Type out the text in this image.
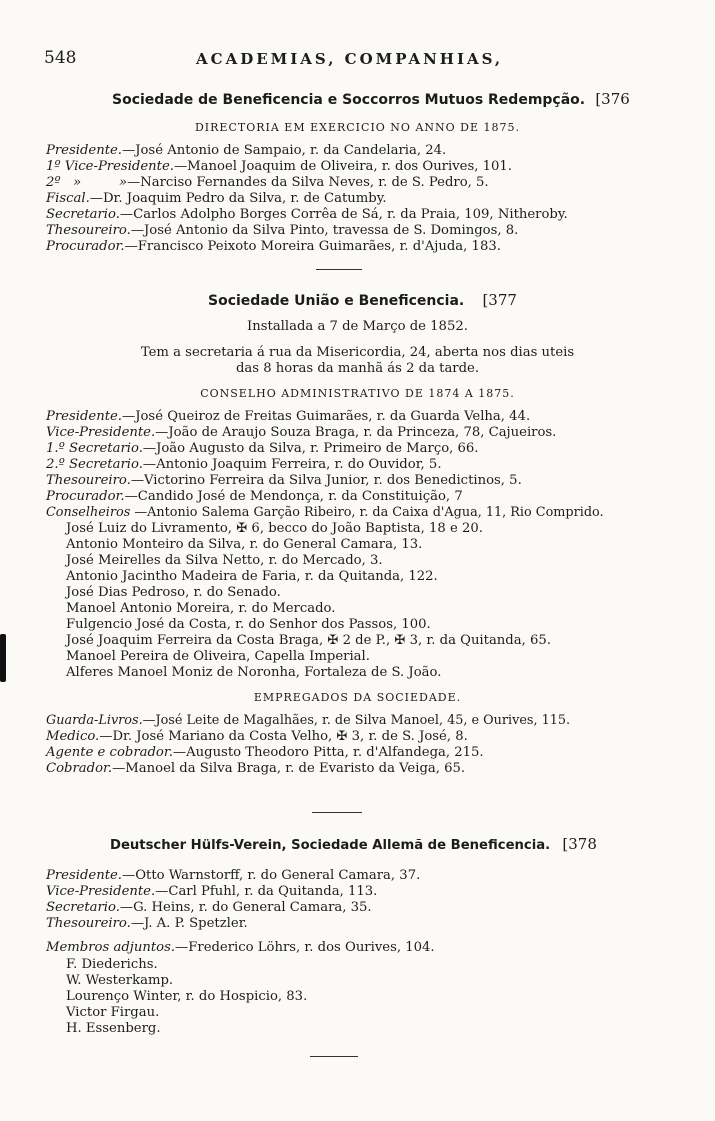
548	ACADEMIAS, COMPANHIAS,
Sociedade de Beneficencia e Soccorros Mutuos Redempção. [376
DIRECTORIA EM EXERCICIO NO ANNO DE 1875.
Presidente.—José Antonio de Sampaio, r. da Candelaria, 24.
1º Vice-Presidente.—Manoel Joaquim de Oliveira, r. dos Ourives, 101.
2º   »         »—Narciso Fernandes da Silva Neves, r. de S. Pedro, 5.
Fiscal.—Dr. Joaquim Pedro da Silva, r. de Catumby.
Secretario.—Carlos Adolpho Borges Corrêa de Sá, r. da Praia, 109, Nitheroby.
Thesoureiro.—José Antonio da Silva Pinto, travessa de S. Domingos, 8.
Procurador.—Francisco Peixoto Moreira Guimarães, r. d'Ajuda, 183.
Sociedade União e Beneficencia. [377
Installada a 7 de Março de 1852.
Tem a secretaria á rua da Misericordia, 24, aberta nos dias uteis
das 8 horas da manhã ás 2 da tarde.
CONSELHO ADMINISTRATIVO DE 1874 A 1875.
Presidente.—José Queiroz de Freitas Guimarães, r. da Guarda Velha, 44.
Vice-Presidente.—João de Araujo Souza Braga, r. da Princeza, 78, Cajueiros.
1.º Secretario.—João Augusto da Silva, r. Primeiro de Março, 66.
2.º Secretario.—Antonio Joaquim Ferreira, r. do Ouvidor, 5.
Thesoureiro.—Victorino Ferreira da Silva Junior, r. dos Benedictinos, 5.
Procurador.—Candido José de Mendonça, r. da Constituição, 7
Conselheiros —Antonio Salema Garção Ribeiro, r. da Caixa d'Agua, 11, Rio Comprido.
José Luiz do Livramento, ✠ 6, becco do João Baptista, 18 e 20.
Antonio Monteiro da Silva, r. do General Camara, 13.
José Meirelles da Silva Netto, r. do Mercado, 3.
Antonio Jacintho Madeira de Faria, r. da Quitanda, 122.
José Dias Pedroso, r. do Senado.
Manoel Antonio Moreira, r. do Mercado.
Fulgencio José da Costa, r. do Senhor dos Passos, 100.
José Joaquim Ferreira da Costa Braga, ✠ 2 de P., ✠ 3, r. da Quitanda, 65.
Manoel Pereira de Oliveira, Capella Imperial.
Alferes Manoel Moniz de Noronha, Fortaleza de S. João.
EMPREGADOS DA SOCIEDADE.
Guarda-Livros.—José Leite de Magalhães, r. de Silva Manoel, 45, e Ourives, 115.
Medico.—Dr. José Mariano da Costa Velho, ✠ 3, r. de S. José, 8.
Agente e cobrador.—Augusto Theodoro Pitta, r. d'Alfandega, 215.
Cobrador.—Manoel da Silva Braga, r. de Evaristo da Veiga, 65.
Deutscher Hülfs-Verein, Sociedade Allemã de Beneficencia. [378
Presidente.—Otto Warnstorff, r. do General Camara, 37.
Vice-Presidente.—Carl Pfuhl, r. da Quitanda, 113.
Secretario.—G. Heins, r. do General Camara, 35.
Thesoureiro.—J. A. P. Spetzler.
Membros adjuntos.—Frederico Löhrs, r. dos Ourives, 104.
F. Diederichs.
W. Westerkamp.
Lourenço Winter, r. do Hospicio, 83.
Victor Firgau.
H. Essenberg.
